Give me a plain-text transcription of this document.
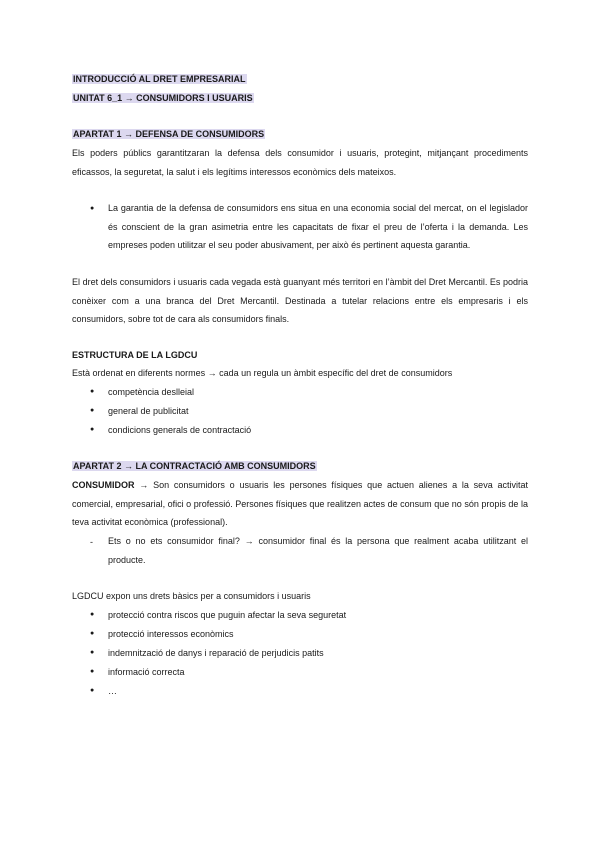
INTRODUCCIÓ AL DRET EMPRESARIAL
UNITAT 6_1 → CONSUMIDORS I USUARIS
APARTAT 1 → DEFENSA DE CONSUMIDORS
Els poders públics garantitzaran la defensa dels consumidor i usuaris, protegint, mitjançant procediments eficassos, la seguretat, la salut i els legítims interessos econòmics dels mateixos.
● La garantia de la defensa de consumidors ens situa en una economia social del mercat, on el legislador és conscient de la gran asimetria entre les capacitats de fixar el preu de l’oferta i la demanda. Les empreses poden utilitzar el seu poder abusivament, per això és pertinent aquesta garantia.
El dret dels consumidors i usuaris cada vegada està guanyant més territori en l’àmbit del Dret Mercantil. Es podria conèixer com a una branca del Dret Mercantil. Destinada a tutelar relacions entre els empresaris i els consumidors, sobre tot de cara als consumidors finals.
ESTRUCTURA DE LA LGDCU
Està ordenat en diferents normes → cada un regula un àmbit específic del dret de consumidors
● competència deslleial
● general de publicitat
● condicions generals de contractació
APARTAT 2 → LA CONTRACTACIÓ AMB CONSUMIDORS
CONSUMIDOR → Son consumidors o usuaris les persones físiques que actuen alienes a la seva activitat comercial, empresarial, ofici o professió. Persones físiques que realitzen actes de consum que no són propis de la teva activitat econòmica (professional).
- Ets o no ets consumidor final? → consumidor final és la persona que realment acaba utilitzant el producte.
LGDCU expon uns drets bàsics per a consumidors i usuaris
● protecció contra riscos que puguin afectar la seva seguretat
● protecció interessos econòmics
● indemnització de danys i reparació de perjudicis patits
● informació correcta
● …
